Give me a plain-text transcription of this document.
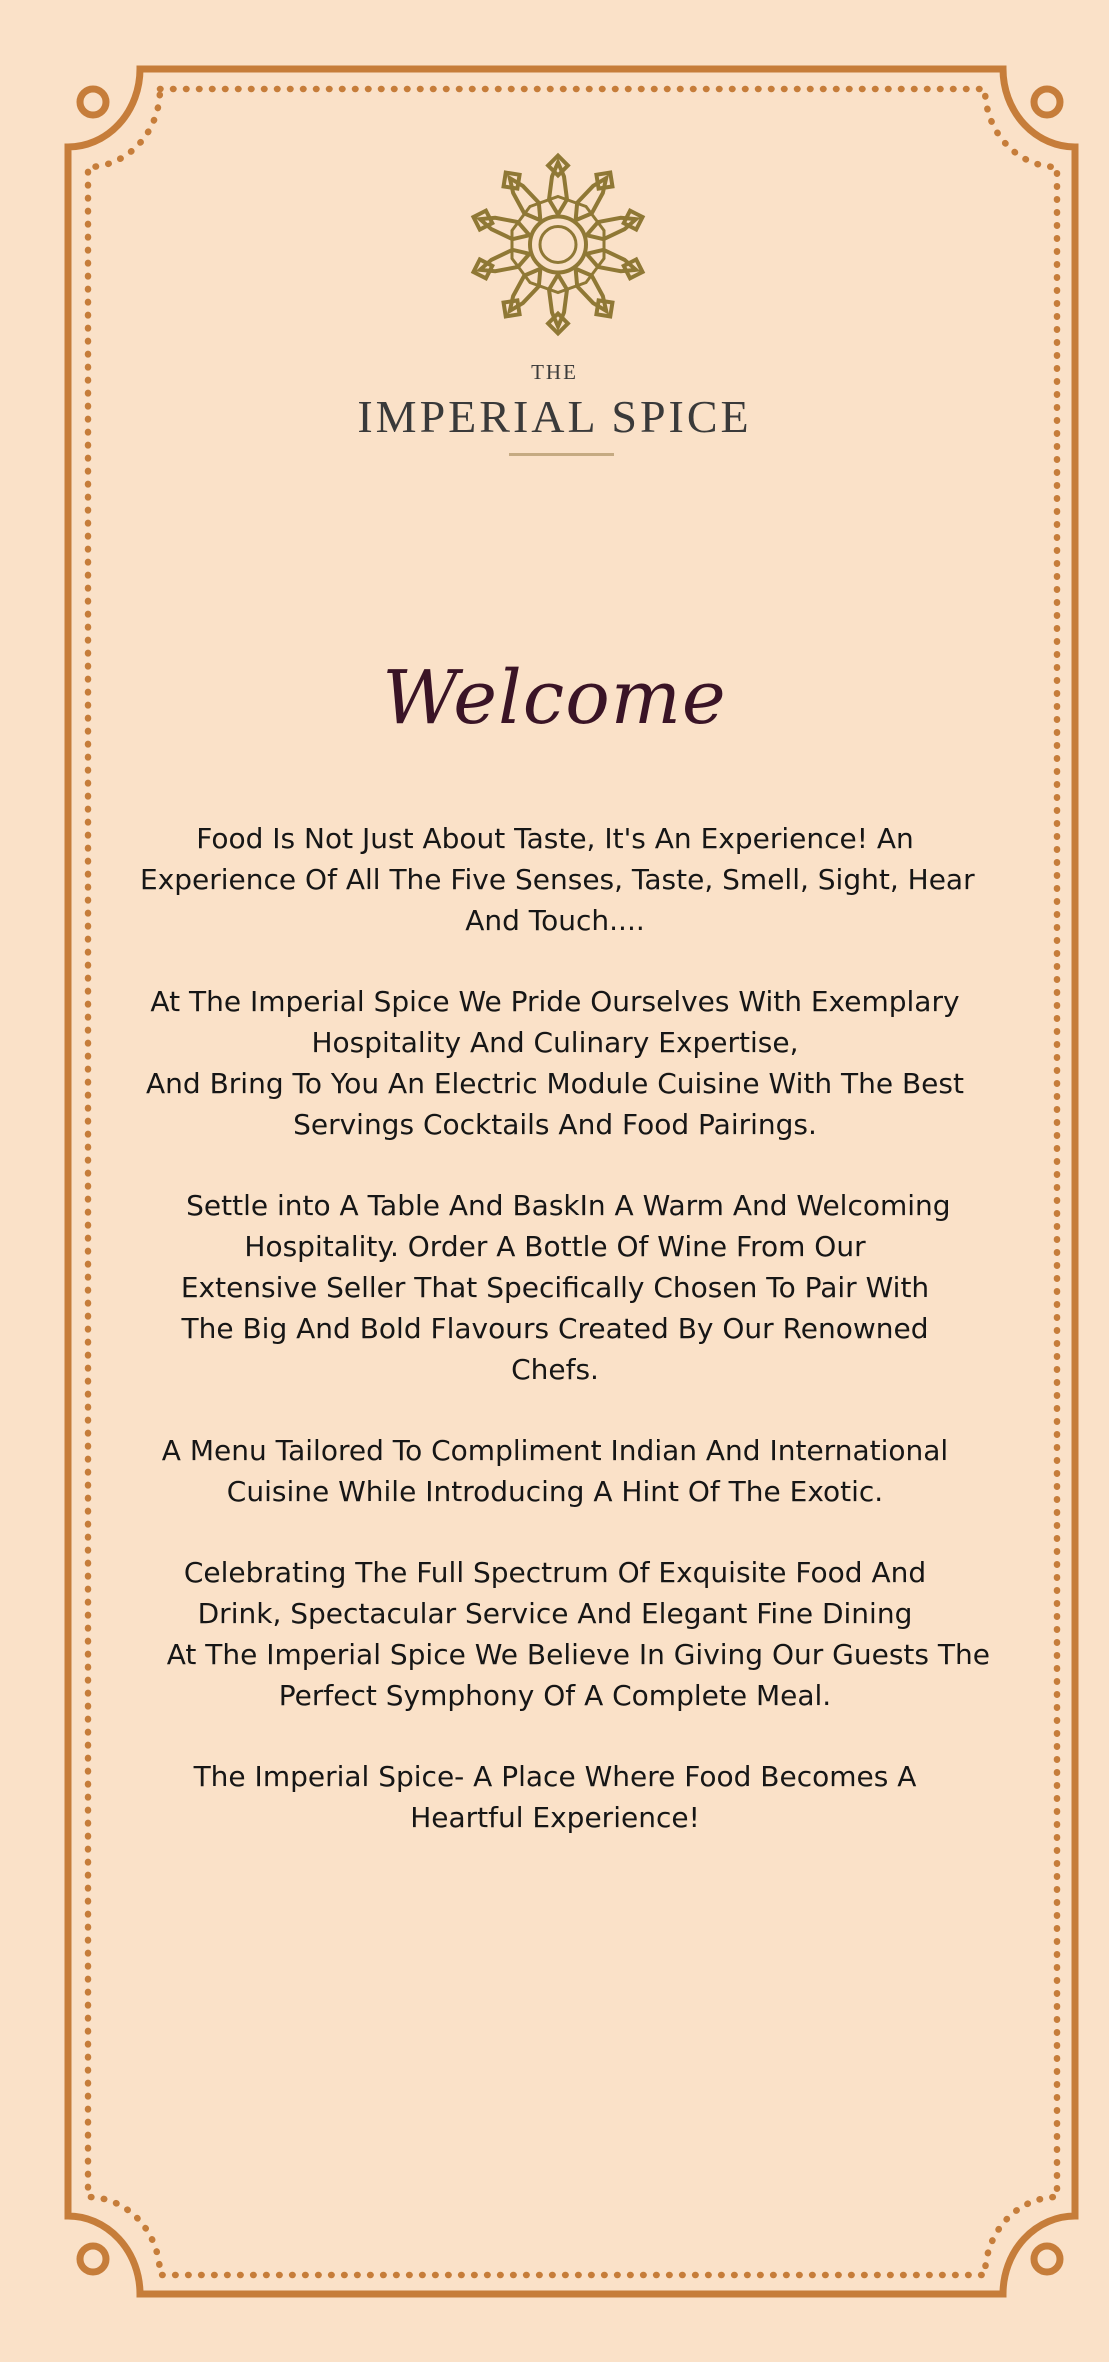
THE
IMPERIAL SPICE
Welcome

Food Is Not Just About Taste, It's An Experience! An

Experience Of All The Five Senses, Taste, Smell, Sight, Hear

And Touch....

At The Imperial Spice We Pride Ourselves With Exemplary

Hospitality And Culinary Expertise,

And Bring To You An Electric Module Cuisine With The Best

Servings Cocktails And Food Pairings.

Settle into A Table And BaskIn A Warm And Welcoming

Hospitality. Order A Bottle Of Wine From Our

Extensive Seller That Specifically Chosen To Pair With

The Big And Bold Flavours Created By Our Renowned

Chefs.

A Menu Tailored To Compliment Indian And International

Cuisine While Introducing A Hint Of The Exotic.

Celebrating The Full Spectrum Of Exquisite Food And

Drink, Spectacular Service And Elegant Fine Dining

At The Imperial Spice We Believe In Giving Our Guests The

Perfect Symphony Of A Complete Meal.

The Imperial Spice- A Place Where Food Becomes A

Heartful Experience!
